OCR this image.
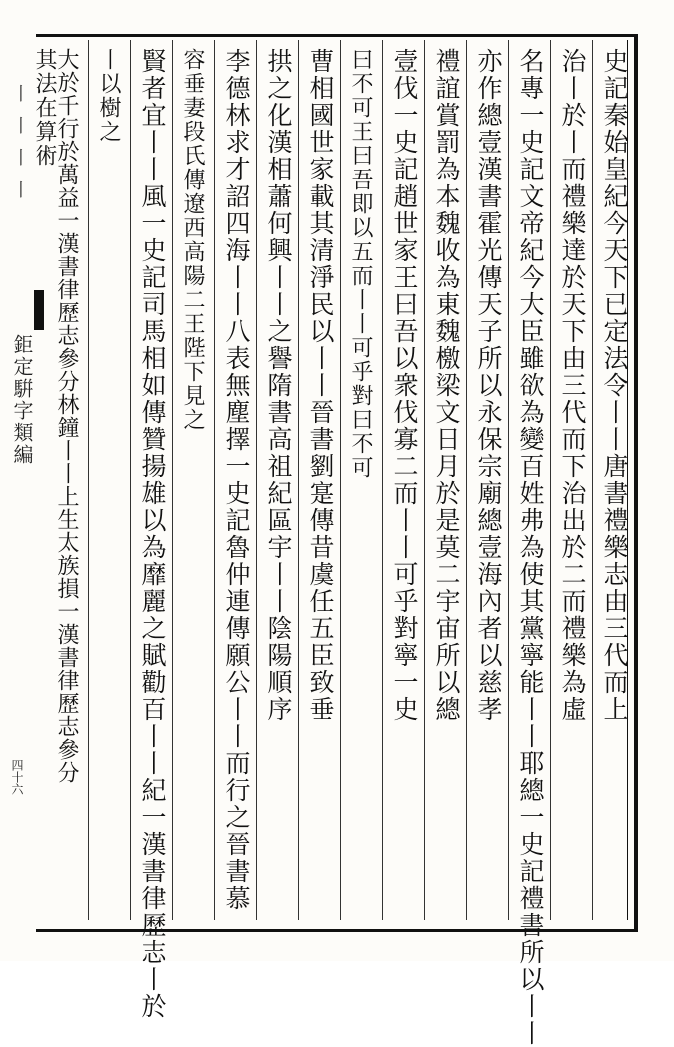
丨丨丨丨
鉅定騈字類編
四十六
史記秦始皇紀今天下已定法令丨丨唐書禮樂志由三代而上
治丨於丨而禮樂達於天下由三代而下治出於二而禮樂為虛
名專一史記文帝紀今大臣雖欲為變百姓弗為使其黨寧能丨丨耶總一史記禮書所以丨丨
亦作總壹漢書霍光傳天子所以永保宗廟總壹海內者以慈孝
禮誼賞罰為本魏收為東魏檄梁文日月於是莫二宇宙所以總
壹伐一史記趙世家王曰吾以衆伐寡二而丨丨可乎對寧一史
曰不可王曰吾即以五而丨丨可乎對曰不可
曹相國世家載其清淨民以丨丨晉書劉寔傳昔虞任五臣致垂
拱之化漢相蕭何興丨丨之譽隋書高祖紀區宇丨丨陰陽順序
李德林求才詔四海丨丨八表無塵擇一史記魯仲連傳願公丨丨而行之晉書慕
容垂妻段氏傳遼西高陽二王陛下見之
賢者宜丨丨風一史記司馬相如傳贊揚雄以為靡麗之賦勸百丨丨紀一漢書律歷志丨於
丨以樹之
大於千行於萬益一漢書律歷志參分林鐘丨丨上生太族損一漢書律歷志參分
其法在算術
